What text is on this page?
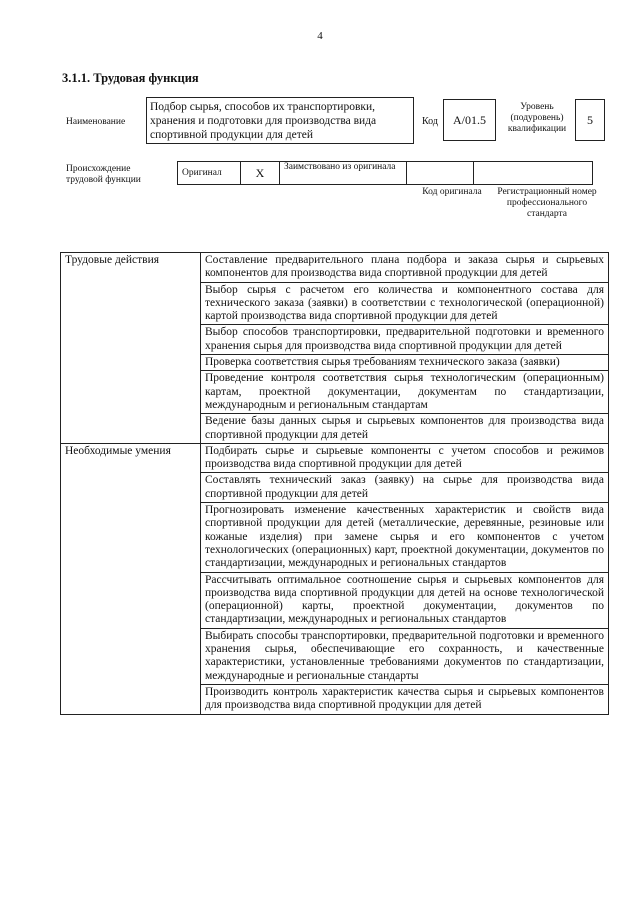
4
3.1.1. Трудовая функция
Наименование
Подбор сырья, способов их транспортировки, хранения и подготовки для производства вида спортивной продукции для детей
Код	А/01.5
Уровень (подуровень) квалификации
5
Происхождение трудовой функции
Оригинал	X	Заимствовано из оригинала		
Код оригинала	Регистрационный номер профессионального стандарта
Трудовые действия	Составление предварительного плана подбора и заказа сырья и сырьевых компонентов для производства вида спортивной продукции для детей
	Выбор сырья с расчетом его количества и компонентного состава для технического заказа (заявки) в соответствии с технологической (операционной) картой производства вида спортивной продукции для детей
	Выбор способов транспортировки, предварительной подготовки и временного хранения сырья для производства вида спортивной продукции для детей
	Проверка соответствия сырья требованиям технического заказа (заявки)
	Проведение контроля соответствия сырья технологическим (операционным) картам, проектной документации, документам по стандартизации, международным и региональным стандартам
	Ведение базы данных сырья и сырьевых компонентов для производства вида спортивной продукции для детей
Необходимые умения	Подбирать сырье и сырьевые компоненты с учетом способов и режимов производства вида спортивной продукции для детей
	Составлять технический заказ (заявку) на сырье для производства вида спортивной продукции для детей
	Прогнозировать изменение качественных характеристик и свойств вида спортивной продукции для детей (металлические, деревянные, резиновые или кожаные изделия) при замене сырья и его компонентов с учетом технологических (операционных) карт, проектной документации, документов по стандартизации, международных и региональных стандартов
	Рассчитывать оптимальное соотношение сырья и сырьевых компонентов для производства вида спортивной продукции для детей на основе технологической (операционной) карты, проектной документации, документов по стандартизации, международных и региональных стандартов
	Выбирать способы транспортировки, предварительной подготовки и временного хранения сырья, обеспечивающие его сохранность, и качественные характеристики, установленные требованиями документов по стандартизации, международные и региональные стандарты
	Производить контроль характеристик качества сырья и сырьевых компонентов для производства вида спортивной продукции для детей
